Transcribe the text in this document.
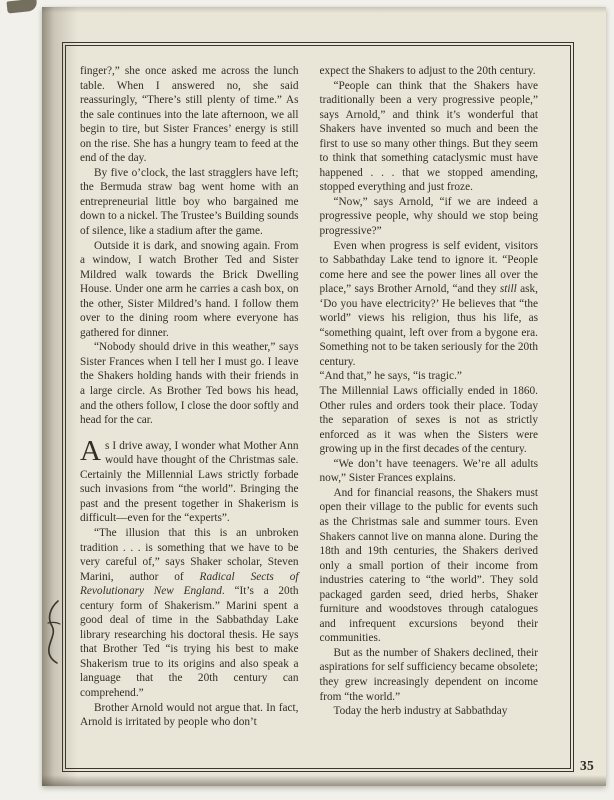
finger?,” she once asked me across the lunch table. When I answered no, she said reassuringly, “There’s still plenty of time.” As the sale continues into the late afternoon, we all begin to tire, but Sister Frances’ energy is still on the rise. She has a hungry team to feed at the end of the day.

By five o’clock, the last stragglers have left; the Bermuda straw bag went home with an entrepreneurial little boy who bargained me down to a nickel. The Trustee’s Building sounds of silence, like a stadium after the game.

Outside it is dark, and snowing again. From a window, I watch Brother Ted and Sister Mildred walk towards the Brick Dwelling House. Under one arm he carries a cash box, on the other, Sister Mildred’s hand. I follow them over to the dining room where everyone has gathered for dinner.

“Nobody should drive in this weather,” says Sister Frances when I tell her I must go. I leave the Shakers holding hands with their friends in a large circle. As Brother Ted bows his head, and the others follow, I close the door softly and head for the car.

As I drive away, I wonder what Mother Ann would have thought of the Christmas sale. Certainly the Millennial Laws strictly forbade such invasions from “the world”. Bringing the past and the present together in Shakerism is difficult—even for the “experts”.

“The illusion that this is an unbroken tradition . . . is something that we have to be very careful of,” says Shaker scholar, Steven Marini, author of Radical Sects of Revolutionary New England. “It’s a 20th century form of Shakerism.” Marini spent a good deal of time in the Sabbathday Lake library researching his doctoral thesis. He says that Brother Ted “is trying his best to make Shakerism true to its origins and also speak a language that the 20th century can comprehend.”

Brother Arnold would not argue that. In fact, Arnold is irritated by people who don’t

expect the Shakers to adjust to the 20th century.

“People can think that the Shakers have traditionally been a very progressive people,” says Arnold,” and think it’s wonderful that Shakers have invented so much and been the first to use so many other things. But they seem to think that something cataclysmic must have happened . . . that we stopped amending, stopped everything and just froze.

“Now,” says Arnold, “if we are indeed a progressive people, why should we stop being progressive?”

Even when progress is self evident, visitors to Sabbathday Lake tend to ignore it. “People come here and see the power lines all over the place,” says Brother Arnold, “and they still ask, ‘Do you have electricity?’ He believes that “the world” views his religion, thus his life, as “something quaint, left over from a bygone era. Something not to be taken seriously for the 20th century.

“And that,” he says, “is tragic.”

The Millennial Laws officially ended in 1860. Other rules and orders took their place. Today the separation of sexes is not as strictly enforced as it was when the Sisters were growing up in the first decades of the century.

“We don’t have teenagers. We’re all adults now,” Sister Frances explains.

And for financial reasons, the Shakers must open their village to the public for events such as the Christmas sale and summer tours. Even Shakers cannot live on manna alone. During the 18th and 19th centuries, the Shakers derived only a small portion of their income from industries catering to “the world”. They sold packaged garden seed, dried herbs, Shaker furniture and woodstoves through catalogues and infrequent excursions beyond their communities.

But as the number of Shakers declined, their aspirations for self sufficiency became obsolete; they grew increasingly dependent on income from “the world.”

Today the herb industry at Sabbathday

35
